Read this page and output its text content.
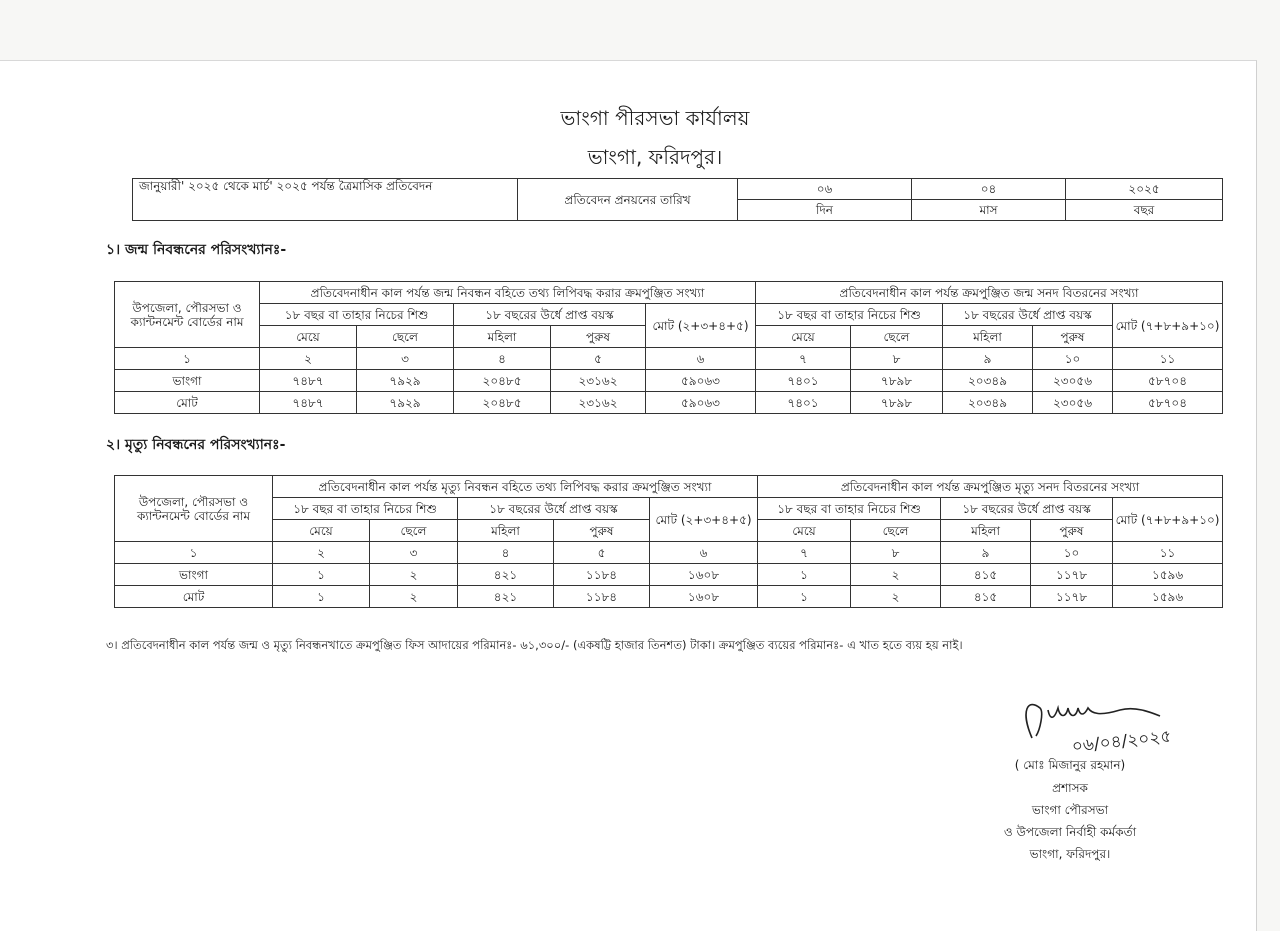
ভাংগা পীরসভা কার্যালয়
ভাংগা, ফরিদপুর।
জানুয়ারী' ২০২৫ থেকে মার্চ' ২০২৫ পর্যন্ত ত্রৈমাসিক প্রতিবেদন	প্রতিবেদন প্রনয়নের তারিখ	০৬	০৪	২০২৫
		দিন	মাস	বছর
১। জন্ম নিবন্ধনের পরিসংখ্যানঃ-
উপজেলা, পৌরসভা ও ক্যান্টনমেন্ট বোর্ডের নাম	প্রতিবেদনাধীন কাল পর্যন্ত জন্ম নিবন্ধন বহিতে তথ্য লিপিবদ্ধ করার ক্রমপুঞ্জিত সংখ্যা					প্রতিবেদনাধীন কাল পর্যন্ত ক্রমপুঞ্জিত জন্ম সনদ বিতরনের সংখ্যা				
	১৮ বছর বা তাহার নিচের শিশু		১৮ বছরের উর্ধে প্রাপ্ত বয়স্ক		মোট (২+৩+৪+৫)	১৮ বছর বা তাহার নিচের শিশু		১৮ বছরের উর্ধে প্রাপ্ত বয়স্ক		মোট (৭+৮+৯+১০)
	মেয়ে	ছেলে	মহিলা	পুরুষ		মেয়ে	ছেলে	মহিলা	পুরুষ	
১	২	৩	৪	৫	৬	৭	৮	৯	১০	১১
ভাংগা	৭৪৮৭	৭৯২৯	২০৪৮৫	২৩১৬২	৫৯০৬৩	৭৪০১	৭৮৯৮	২০৩৪৯	২৩০৫৬	৫৮৭০৪
মোট	৭৪৮৭	৭৯২৯	২০৪৮৫	২৩১৬২	৫৯০৬৩	৭৪০১	৭৮৯৮	২০৩৪৯	২৩০৫৬	৫৮৭০৪
২। মৃত্যু নিবন্ধনের পরিসংখ্যানঃ-
উপজেলা, পৌরসভা ও ক্যান্টনমেন্ট বোর্ডের নাম	প্রতিবেদনাধীন কাল পর্যন্ত মৃত্যু নিবন্ধন বহিতে তথ্য লিপিবদ্ধ করার ক্রমপুঞ্জিত সংখ্যা					প্রতিবেদনাধীন কাল পর্যন্ত ক্রমপুঞ্জিত মৃত্যু সনদ বিতরনের সংখ্যা				
	১৮ বছর বা তাহার নিচের শিশু		১৮ বছরের উর্ধে প্রাপ্ত বয়স্ক		মোট (২+৩+৪+৫)	১৮ বছর বা তাহার নিচের শিশু		১৮ বছরের উর্ধে প্রাপ্ত বয়স্ক		মোট (৭+৮+৯+১০)
	মেয়ে	ছেলে	মহিলা	পুরুষ		মেয়ে	ছেলে	মহিলা	পুরুষ	
১	২	৩	৪	৫	৬	৭	৮	৯	১০	১১
ভাংগা	১	২	৪২১	১১৮৪	১৬০৮	১	২	৪১৫	১১৭৮	১৫৯৬
মোট	১	২	৪২১	১১৮৪	১৬০৮	১	২	৪১৫	১১৭৮	১৫৯৬
৩। প্রতিবেদনাধীন কাল পর্যন্ত জন্ম ও মৃত্যু নিবন্ধনখাতে ক্রমপুঞ্জিত ফিস আদায়ের পরিমানঃ- ৬১,৩০০/- (একষট্টি হাজার তিনশত) টাকা। ক্রমপুঞ্জিত ব্যয়ের পরিমানঃ- এ খাত হতে ব্যয় হয় নাই।
০৬/০৪/২০২৫
( মোঃ মিজানুর রহমান)
প্রশাসক
ভাংগা পৌরসভা
ও উপজেলা নির্বাহী কর্মকর্তা
ভাংগা, ফরিদপুর।
